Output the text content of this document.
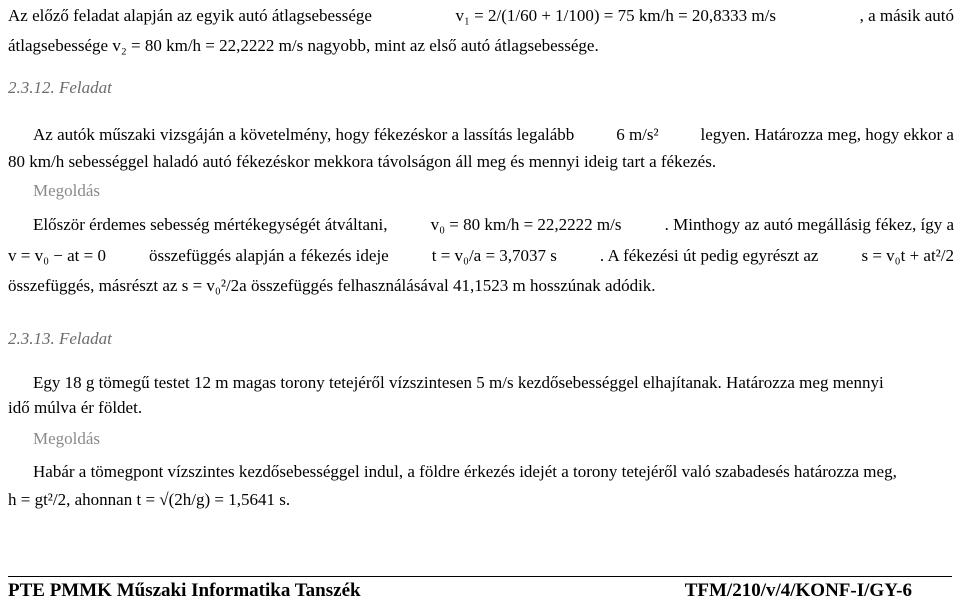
Az előző feladat alapján az egyik autó átlagsebessége	v₁ = 2/(1/60 + 1/100) = 75 km/h = 20,8333 m/s	, a másik autó
átlagsebessége v₂ = 80 km/h = 22,2222 m/s nagyobb, mint az első autó átlagsebessége.
2.3.12. Feladat
Az autók műszaki vizsgáján a követelmény, hogy fékezéskor a lassítás legalább 6 m/s² legyen. Határozza meg, hogy ekkor a
80 km/h sebességgel haladó autó fékezéskor mekkora távolságon áll meg és mennyi ideig tart a fékezés.
Megoldás
Először érdemes sebesség mértékegységét átváltani,	v₀ = 80 km/h = 22,2222 m/s	. Minthogy az autó megállásig fékez, így a
v = v₀ − at = 0	összefüggés alapján a fékezés ideje	t = v₀/a = 3,7037 s	. A fékezési út pedig egyrészt az	s = v₀t + at²/2
összefüggés, másrészt az s = v₀²/2a összefüggés felhasználásával 41,1523 m hosszúnak adódik.
2.3.13. Feladat
Egy 18 g tömegű testet 12 m magas torony tetejéről vízszintesen 5 m/s kezdősebességgel elhajítanak. Határozza meg mennyi
idő múlva ér földet.
Megoldás
Habár a tömegpont vízszintes kezdősebességgel indul, a földre érkezés idejét a torony tetejéről való szabadesés határozza meg,
h = gt²/2, ahonnan t = √(2h/g) = 1,5641 s.
PTE PMMK Műszaki Informatika Tanszék	TFM/210/v/4/KONF-I/GY-6
